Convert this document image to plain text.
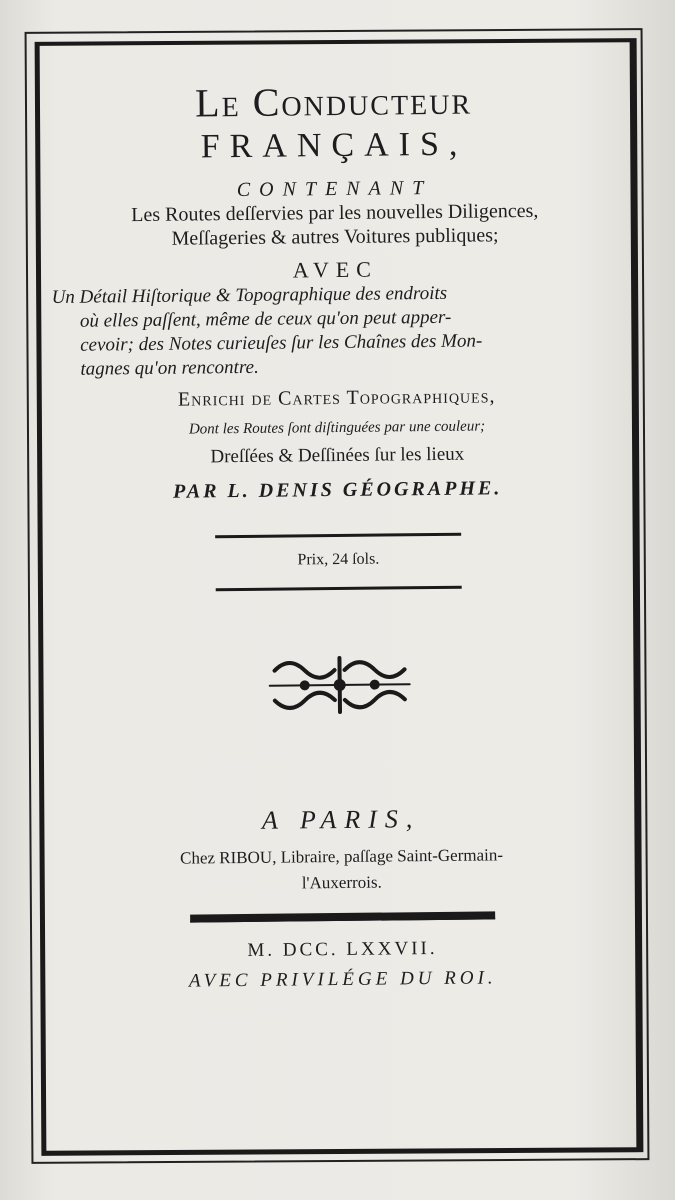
Le Conducteur
FRANÇAIS,
CONTENANT
Les Routes deſſervies par les nouvelles Diligences,
Meſſageries & autres Voitures publiques;
AVEC
Un Détail Hiſtorique & Topographique des endroits
où elles paſſent, même de ceux qu'on peut apper-
cevoir; des Notes curieuſes ſur les Chaînes des Mon-
tagnes qu'on rencontre.
Enrichi de Cartes Topographiques,
Dont les Routes ſont diſtinguées par une couleur;
Dreſſées & Deſſinées ſur les lieux
PAR L. DENIS GÉOGRAPHE.
Prix, 24 ſols.
A PARIS,
Chez RIBOU, Libraire, paſſage Saint-Germain-
l'Auxerrois.
M. DCC. LXXVII.
AVEC PRIVILÉGE DU ROI.
